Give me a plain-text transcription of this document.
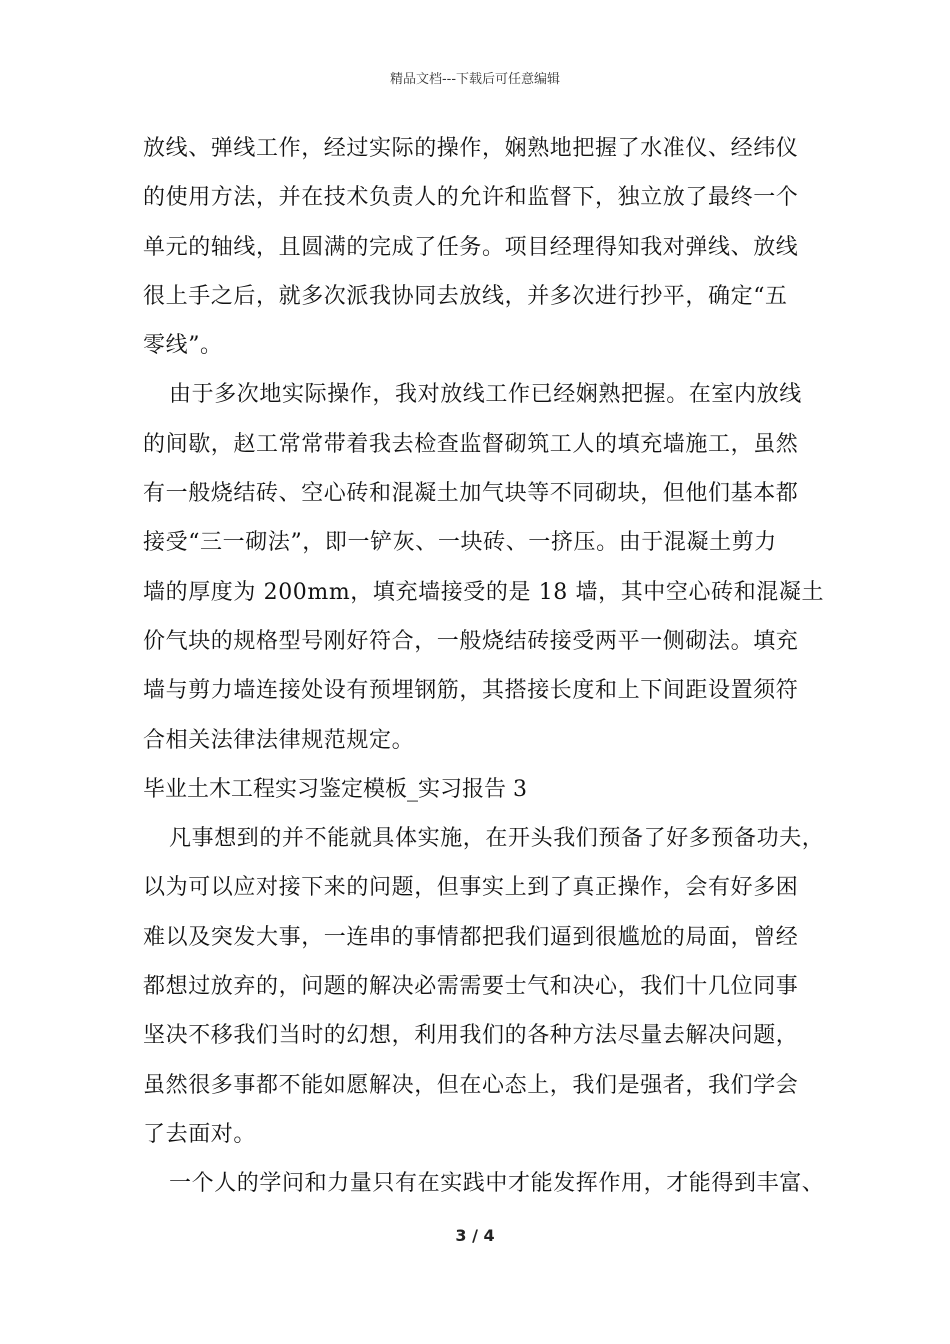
精品文档---下载后可任意编辑
放线、弹线工作，经过实际的操作，娴熟地把握了水准仪、经纬仪
的使用方法，并在技术负责人的允许和监督下，独立放了最终一个
单元的轴线，且圆满的完成了任务。项目经理得知我对弹线、放线
很上手之后，就多次派我协同去放线，并多次进行抄平，确定“五
零线”。
由于多次地实际操作，我对放线工作已经娴熟把握。在室内放线
的间歇，赵工常常带着我去检查监督砌筑工人的填充墙施工，虽然
有一般烧结砖、空心砖和混凝土加气块等不同砌块，但他们基本都
接受“三一砌法”，即一铲灰、一块砖、一挤压。由于混凝土剪力
墙的厚度为 200mm，填充墙接受的是 18 墙，其中空心砖和混凝土
价气块的规格型号刚好符合，一般烧结砖接受两平一侧砌法。填充
墙与剪力墙连接处设有预埋钢筋，其搭接长度和上下间距设置须符
合相关法律法律规范规定。
毕业土木工程实习鉴定模板_实习报告 3
凡事想到的并不能就具体实施，在开头我们预备了好多预备功夫，
以为可以应对接下来的问题，但事实上到了真正操作，会有好多困
难以及突发大事，一连串的事情都把我们逼到很尴尬的局面，曾经
都想过放弃的，问题的解决必需需要士气和决心，我们十几位同事
坚决不移我们当时的幻想，利用我们的各种方法尽量去解决问题，
虽然很多事都不能如愿解决，但在心态上，我们是强者，我们学会
了去面对。
一个人的学问和力量只有在实践中才能发挥作用，才能得到丰富、
3 / 4
